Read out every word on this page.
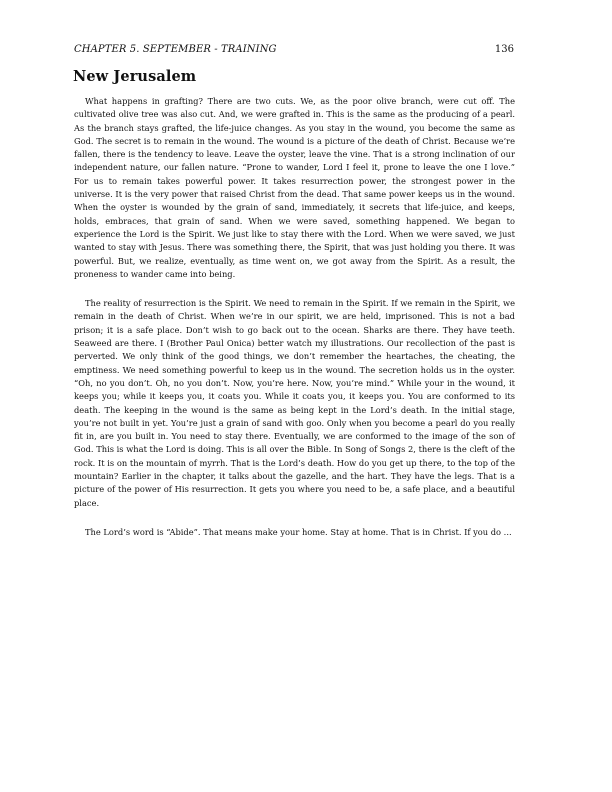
CHAPTER 5. SEPTEMBER - TRAINING	136
New Jerusalem

What happens in grafting? There are two cuts. We, as the poor olive branch, were cut off. The cultivated olive tree was also cut. And, we were grafted in. This is the same as the producing of a pearl. As the branch stays grafted, the life-juice changes. As you stay in the wound, you become the same as God. The secret is to remain in the wound. The wound is a picture of the death of Christ. Because we’re fallen, there is the tendency to leave. Leave the oyster, leave the vine. That is a strong inclination of our independent nature, our fallen nature. “Prone to wander, Lord I feel it, prone to leave the one I love.” For us to remain takes powerful power. It takes resurrection power, the strongest power in the universe. It is the very power that raised Christ from the dead. That same power keeps us in the wound. When the oyster is wounded by the grain of sand, immediately, it secrets that life-juice, and keeps, holds, embraces, that grain of sand. When we were saved, something happened. We began to experience the Lord is the Spirit. We just like to stay there with the Lord. When we were saved, we just wanted to stay with Jesus. There was something there, the Spirit, that was just holding you there. It was powerful. But, we realize, eventually, as time went on, we got away from the Spirit. As a result, the proneness to wander came into being.

The reality of resurrection is the Spirit. We need to remain in the Spirit. If we remain in the Spirit, we remain in the death of Christ. When we’re in our spirit, we are held, imprisoned. This is not a bad prison; it is a safe place. Don’t wish to go back out to the ocean. Sharks are there. They have teeth. Seaweed are there. I (Brother Paul Onica) better watch my illustrations. Our recollection of the past is perverted. We only think of the good things, we don’t remember the heartaches, the cheating, the emptiness. We need something powerful to keep us in the wound. The secretion holds us in the oyster. “Oh, no you don’t. Oh, no you don’t. Now, you’re here. Now, you’re mind.” While your in the wound, it keeps you; while it keeps you, it coats you. While it coats you, it keeps you. You are conformed to its death. The keeping in the wound is the same as being kept in the Lord’s death. In the initial stage, you’re not built in yet. You’re just a grain of sand with goo. Only when you become a pearl do you really fit in, are you built in. You need to stay there. Eventually, we are conformed to the image of the son of God. This is what the Lord is doing. This is all over the Bible. In Song of Songs 2, there is the cleft of the rock. It is on the mountain of myrrh. That is the Lord’s death. How do you get up there, to the top of the mountain? Earlier in the chapter, it talks about the gazelle, and the hart. They have the legs. That is a picture of the power of His resurrection. It gets you where you need to be, a safe place, and a beautiful place.

The Lord’s word is “Abide”. That means make your home. Stay at home. That is in Christ. If you do ...
